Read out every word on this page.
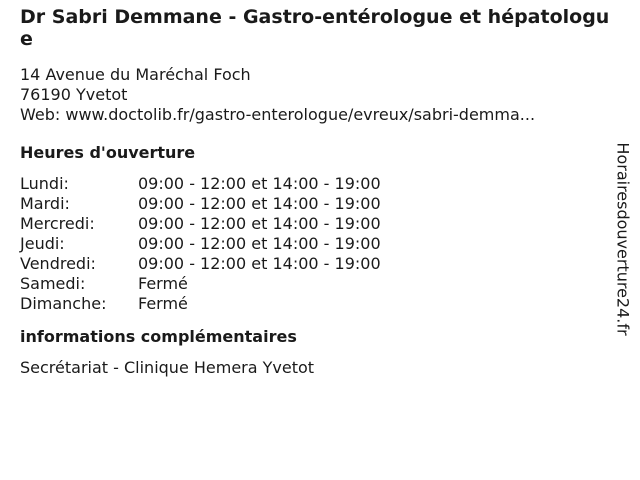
Dr Sabri Demmane - Gastro-entérologue et hépatologue
14 Avenue du Maréchal Foch
76190 Yvetot
Web: www.doctolib.fr/gastro-enterologue/evreux/sabri-demma...
Heures d'ouverture
Lundi:	09:00 - 12:00 et 14:00 - 19:00
Mardi:	09:00 - 12:00 et 14:00 - 19:00
Mercredi:	09:00 - 12:00 et 14:00 - 19:00
Jeudi:	09:00 - 12:00 et 14:00 - 19:00
Vendredi:	09:00 - 12:00 et 14:00 - 19:00
Samedi:	Fermé
Dimanche:	Fermé
informations complémentaires
Secrétariat - Clinique Hemera Yvetot
Horairesdouverture24.fr
